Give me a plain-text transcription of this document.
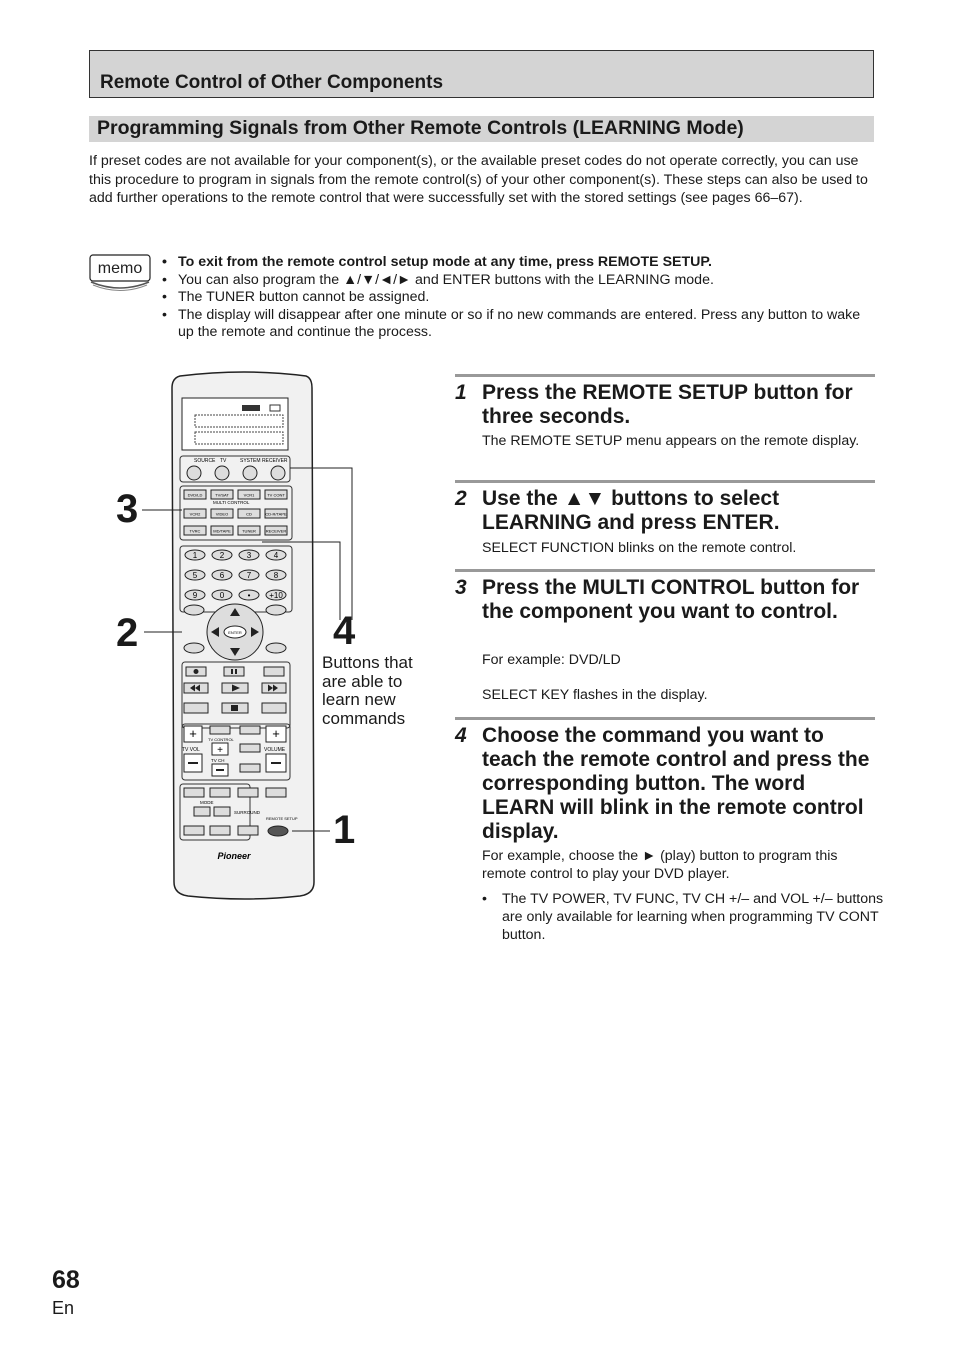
Remote Control of Other Components
Programming Signals from Other Remote Controls (LEARNING Mode)
If preset codes are not available for your component(s), or the available preset codes do not operate correctly, you can use this procedure to program in signals from the remote control(s) of your other component(s). These steps can also be used to add further operations to the remote control that were successfully set with the stored settings (see pages 66–67).
memo
•	To exit from the remote control setup mode at any time, press REMOTE SETUP.
• You can also program the ▲/▼/◄/► and ENTER buttons with the LEARNING mode.
• The TUNER button cannot be assigned.
• The display will disappear after one minute or so if no new commands are entered. Press any button to wake up the remote and continue the process.
SOURCE TV	SYSTEM RECEIVER
MULTI CONTROL
DVD/LD	TV/SAT	VCR1	TV CONT
VCR2	VIDEO	CD	CD-R/TAPE
TVRC	MD/TAPE	TUNER RECEIVER
1	2	3	4
5	6	7	8
9	0	• +10
ENTER
+
TV VOL
TV CONTROL
+
TV CH
+
VOLUME
MODE
SURROUND
REMOTE SETUP
Pioneer
3
2	4
1
Buttons that are able to learn new commands
1 Press the REMOTE SETUP button for three seconds.
The REMOTE SETUP menu appears on the remote display.
2 Use the ▲▼ buttons to select LEARNING and press ENTER.
SELECT FUNCTION blinks on the remote control.
3 Press the MULTI CONTROL button for the component you want to control.
For example: DVD/LD
SELECT KEY flashes in the display.
4 Choose the command you want to teach the remote control and press the corresponding button. The word LEARN will blink in the remote control display.
For example, choose the ► (play) button to program this remote control to play your DVD player.
• The TV POWER, TV FUNC, TV CH +/– and VOL +/– buttons are only available for learning when programming TV CONT button.
68
En
